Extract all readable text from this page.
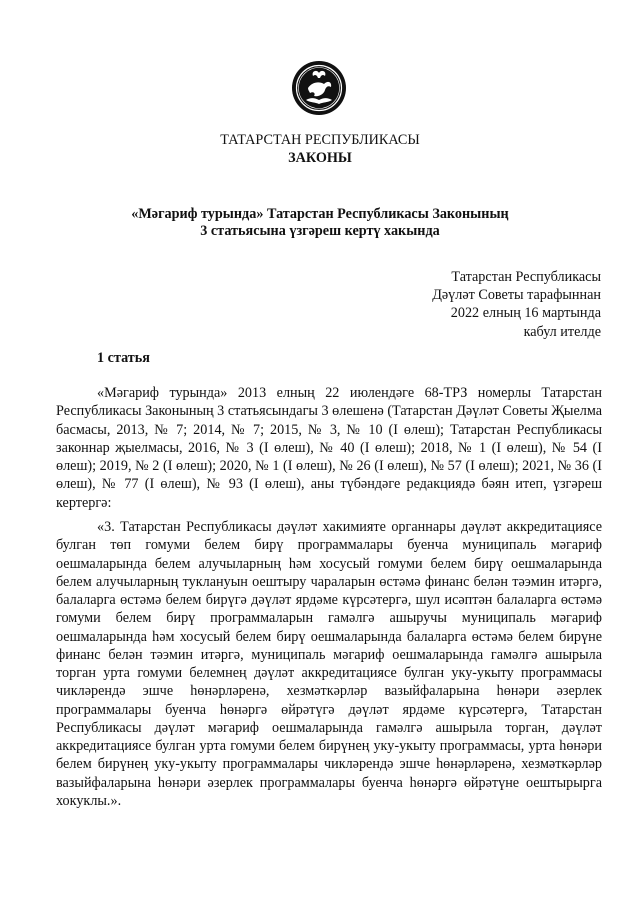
ТАТАРСТАН РЕСПУБЛИКАСЫ
ЗАКОНЫ
«Мәгариф турында» Татарстан Республикасы Законының
3 статьясына үзгәреш кертү хакында
Татарстан Республикасы
Дәүләт Советы тарафыннан
2022 елның 16 мартында
кабул ителде
1 статья

«Мәгариф турында» 2013 елның 22 июлендәге 68-ТРЗ номерлы Татарстан Республикасы Законының 3 статьясындагы 3 өлешенә (Татарстан Дәүләт Советы Җыелма басмасы, 2013, № 7; 2014, № 7; 2015, № 3, № 10 (I өлеш); Татарстан Республикасы законнар җыелмасы, 2016, № 3 (I өлеш), № 40 (I өлеш); 2018, № 1 (I өлеш), № 54 (I өлеш); 2019, № 2 (I өлеш); 2020, № 1 (I өлеш), № 26 (I өлеш), № 57 (I өлеш); 2021, № 36 (I өлеш), № 77 (I өлеш), № 93 (I өлеш), аны түбәндәге редакциядә бәян итеп, үзгәреш кертергә:

«3. Татарстан Республикасы дәүләт хакимияте органнары дәүләт аккредитациясе булган төп гомуми белем бирү программалары буенча муниципаль мәгариф оешмаларында белем алучыларның һәм хосусый гомуми белем бирү оешмаларында белем алучыларның туклануын оештыру чараларын өстәмә финанс белән тәэмин итәргә, балаларга өстәмә белем бирүгә дәүләт ярдәме күрсәтергә, шул исәптән балаларга өстәмә гомуми белем бирү программаларын гамәлгә ашыручы муниципаль мәгариф оешмаларында һәм хосусый белем бирү оешмаларында балаларга өстәмә белем бирүне финанс белән тәэмин итәргә, муниципаль мәгариф оешмаларында гамәлгә ашырыла торган урта гомуми белемнең дәүләт аккредитациясе булган уку-укыту программасы чикләрендә эшче һөнәрләренә, хезмәткәрләр вазыйфаларына һөнәри әзерлек программалары буенча һөнәргә өйрәтүгә дәүләт ярдәме күрсәтергә, Татарстан Республикасы дәүләт мәгариф оешмаларында гамәлгә ашырыла торган, дәүләт аккредитациясе булган урта гомуми белем бирүнең уку-укыту программасы, урта һөнәри белем бирүнең уку-укыту программалары чикләрендә эшче һөнәрләренә, хезмәткәрләр вазыйфаларына һөнәри әзерлек программалары буенча һөнәргә өйрәтүне оештырырга хокуклы.».
